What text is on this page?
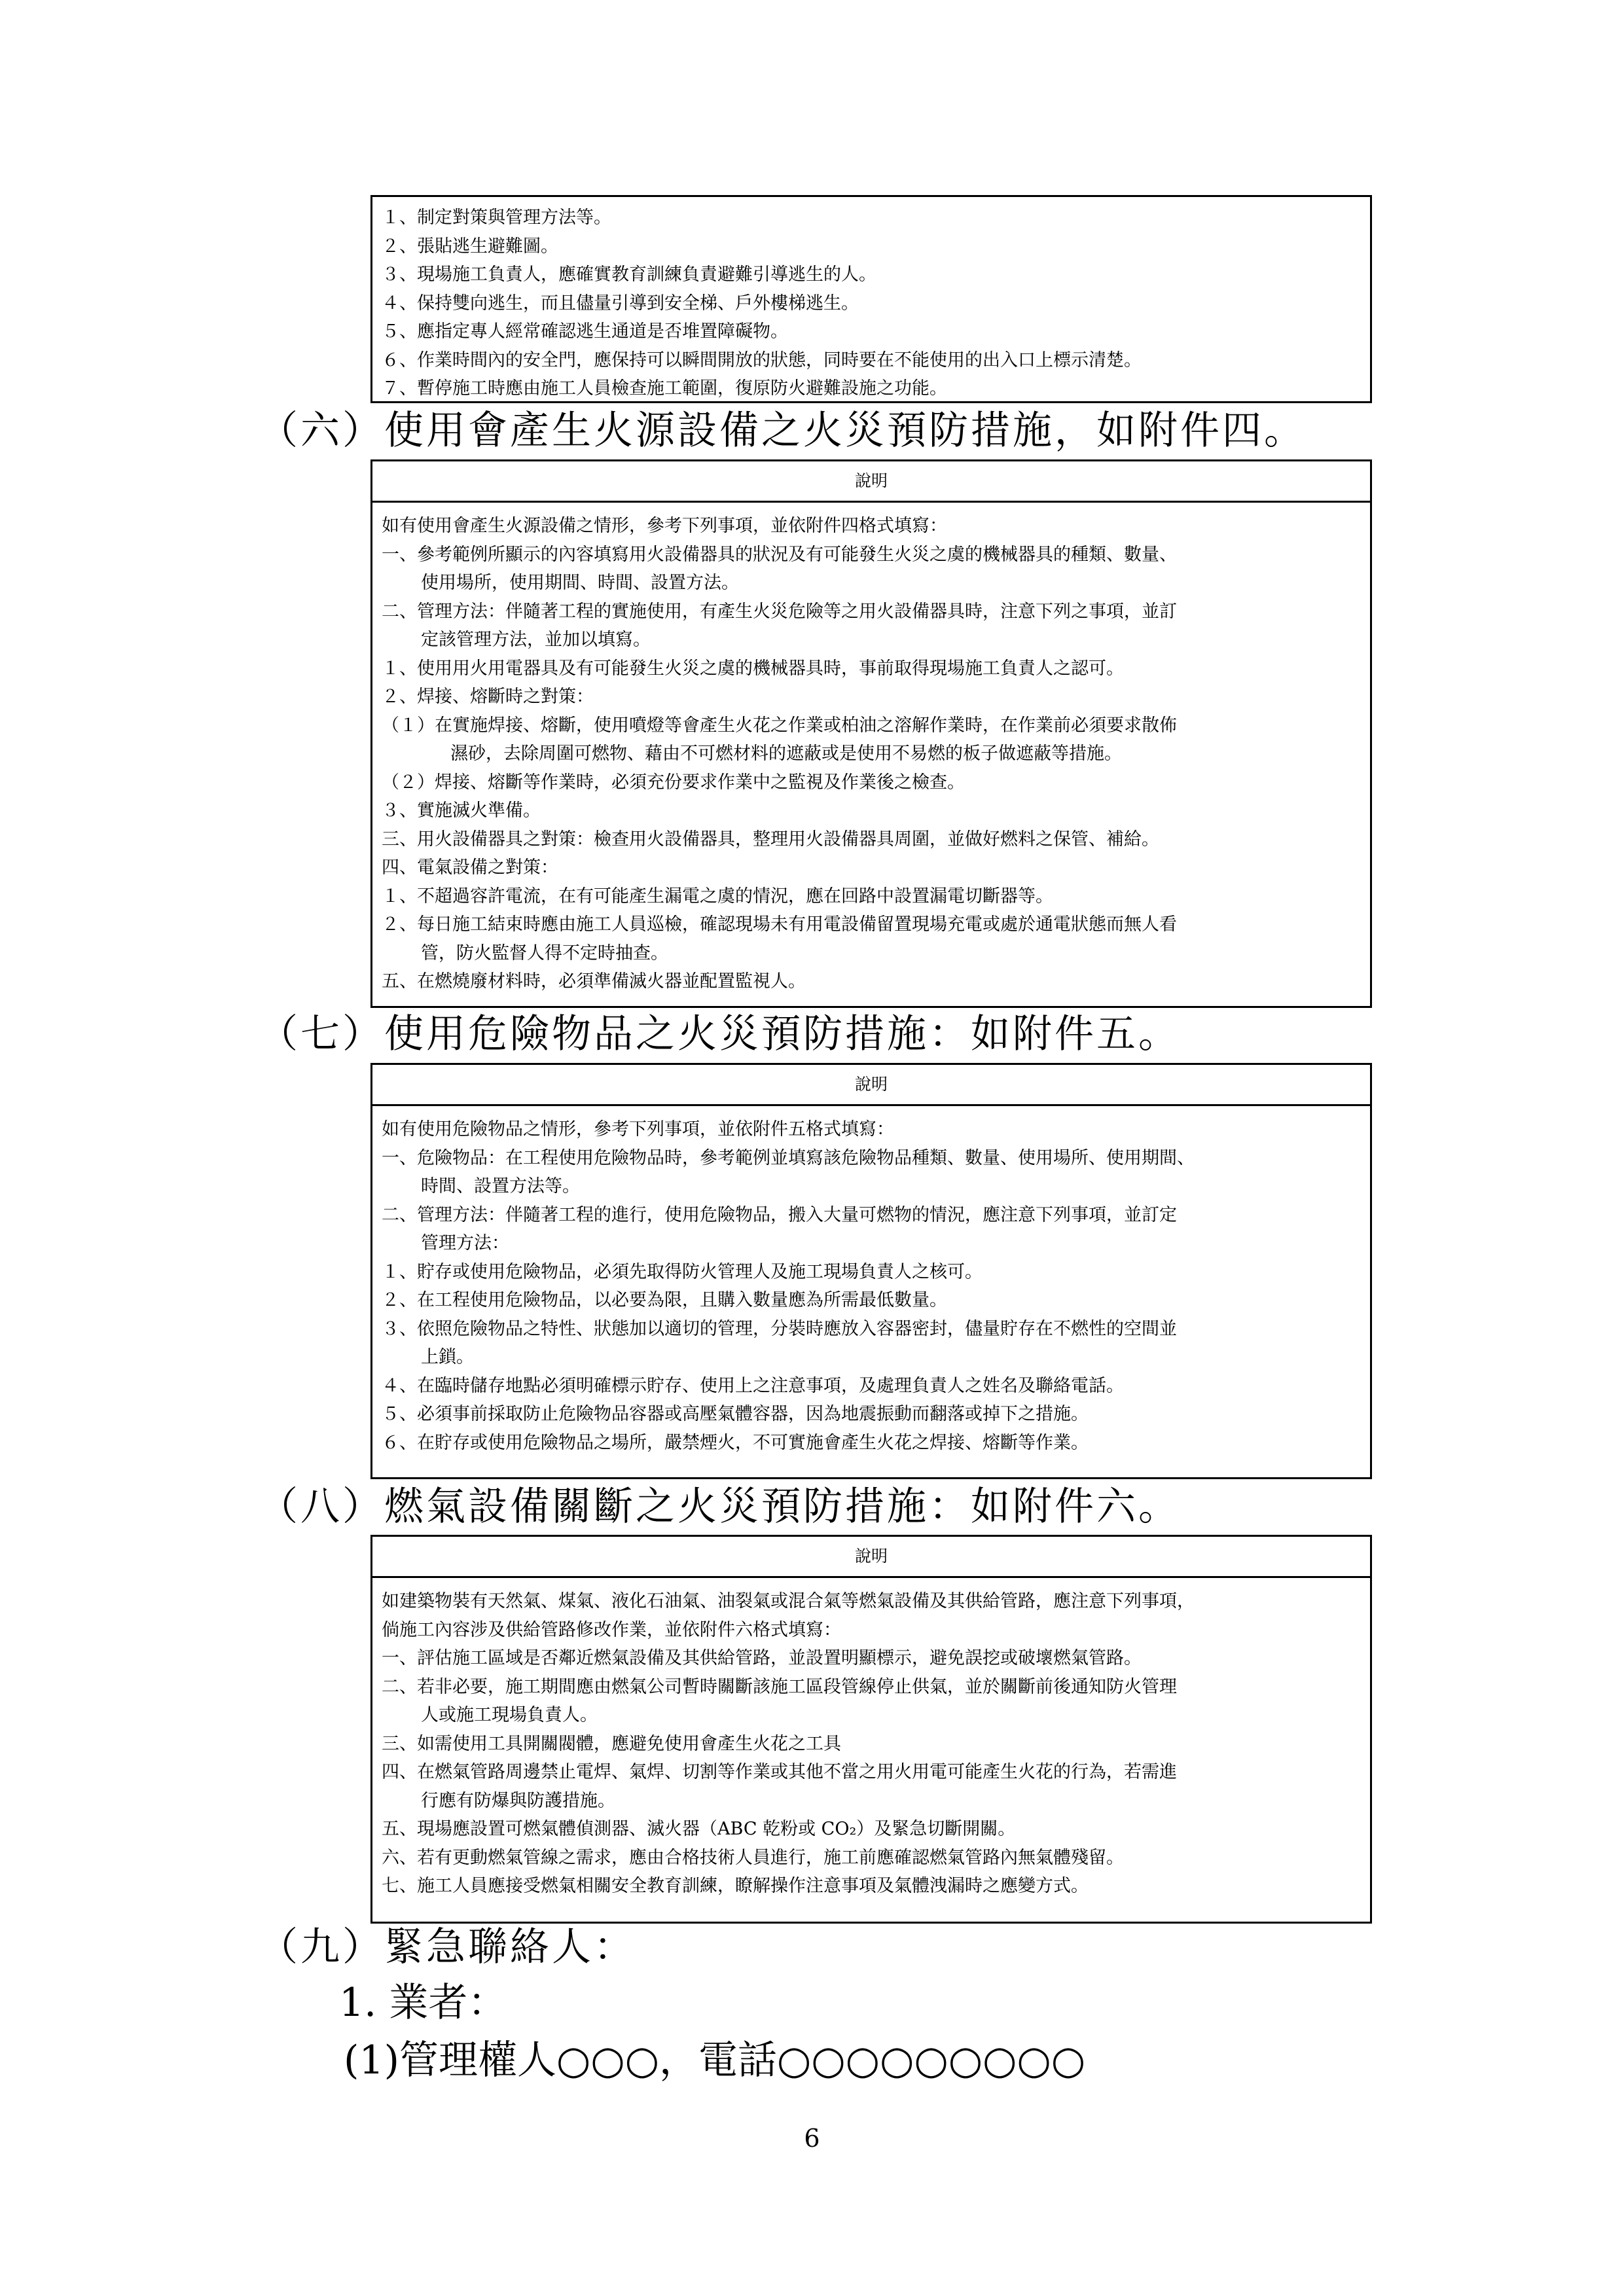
１、制定對策與管理方法等。
２、張貼逃生避難圖。
３、現場施工負責人，應確實教育訓練負責避難引導逃生的人。
４、保持雙向逃生，而且儘量引導到安全梯、戶外樓梯逃生。
５、應指定專人經常確認逃生通道是否堆置障礙物。
６、作業時間內的安全門，應保持可以瞬間開放的狀態，同時要在不能使用的出入口上標示清楚。
７、暫停施工時應由施工人員檢查施工範圍，復原防火避難設施之功能。
（六）使用會產生火源設備之火災預防措施，如附件四。
說明
如有使用會產生火源設備之情形，參考下列事項，並依附件四格式填寫：
一、參考範例所顯示的內容填寫用火設備器具的狀況及有可能發生火災之虞的機械器具的種類、數量、
使用場所，使用期間、時間、設置方法。
二、管理方法：伴隨著工程的實施使用，有產生火災危險等之用火設備器具時，注意下列之事項，並訂
定該管理方法，並加以填寫。
１、使用用火用電器具及有可能發生火災之虞的機械器具時，事前取得現場施工負責人之認可。
２、焊接、熔斷時之對策：
（１）在實施焊接、熔斷，使用噴燈等會產生火花之作業或柏油之溶解作業時，在作業前必須要求散佈
濕砂，去除周圍可燃物、藉由不可燃材料的遮蔽或是使用不易燃的板子做遮蔽等措施。
（２）焊接、熔斷等作業時，必須充份要求作業中之監視及作業後之檢查。
３、實施滅火準備。
三、用火設備器具之對策：檢查用火設備器具，整理用火設備器具周圍，並做好燃料之保管、補給。
四、電氣設備之對策：
１、不超過容許電流，在有可能產生漏電之虞的情況，應在回路中設置漏電切斷器等。
２、每日施工結束時應由施工人員巡檢，確認現場未有用電設備留置現場充電或處於通電狀態而無人看
管，防火監督人得不定時抽查。
五、在燃燒廢材料時，必須準備滅火器並配置監視人。
（七）使用危險物品之火災預防措施：如附件五。
說明
如有使用危險物品之情形，參考下列事項，並依附件五格式填寫：
一、危險物品：在工程使用危險物品時，參考範例並填寫該危險物品種類、數量、使用場所、使用期間、
時間、設置方法等。
二、管理方法：伴隨著工程的進行，使用危險物品，搬入大量可燃物的情況，應注意下列事項，並訂定
管理方法：
１、貯存或使用危險物品，必須先取得防火管理人及施工現場負責人之核可。
２、在工程使用危險物品，以必要為限，且購入數量應為所需最低數量。
３、依照危險物品之特性、狀態加以適切的管理，分裝時應放入容器密封，儘量貯存在不燃性的空間並
上鎖。
４、在臨時儲存地點必須明確標示貯存、使用上之注意事項，及處理負責人之姓名及聯絡電話。
５、必須事前採取防止危險物品容器或高壓氣體容器，因為地震振動而翻落或掉下之措施。
６、在貯存或使用危險物品之場所，嚴禁煙火，不可實施會產生火花之焊接、熔斷等作業。
（八）燃氣設備關斷之火災預防措施：如附件六。
說明
如建築物裝有天然氣、煤氣、液化石油氣、油裂氣或混合氣等燃氣設備及其供給管路，應注意下列事項，
倘施工內容涉及供給管路修改作業，並依附件六格式填寫：
一、評估施工區域是否鄰近燃氣設備及其供給管路，並設置明顯標示，避免誤挖或破壞燃氣管路。
二、若非必要，施工期間應由燃氣公司暫時關斷該施工區段管線停止供氣，並於關斷前後通知防火管理
人或施工現場負責人。
三、如需使用工具開關閥體，應避免使用會產生火花之工具
四、在燃氣管路周邊禁止電焊、氣焊、切割等作業或其他不當之用火用電可能產生火花的行為，若需進
行應有防爆與防護措施。
五、現場應設置可燃氣體偵測器、滅火器（ABC 乾粉或 CO₂）及緊急切斷開關。
六、若有更動燃氣管線之需求，應由合格技術人員進行，施工前應確認燃氣管路內無氣體殘留。
七、施工人員應接受燃氣相關安全教育訓練，瞭解操作注意事項及氣體洩漏時之應變方式。
（九）緊急聯絡人：
1. 業者：
(1)管理權人○○○，電話○○○○○○○○○
6
